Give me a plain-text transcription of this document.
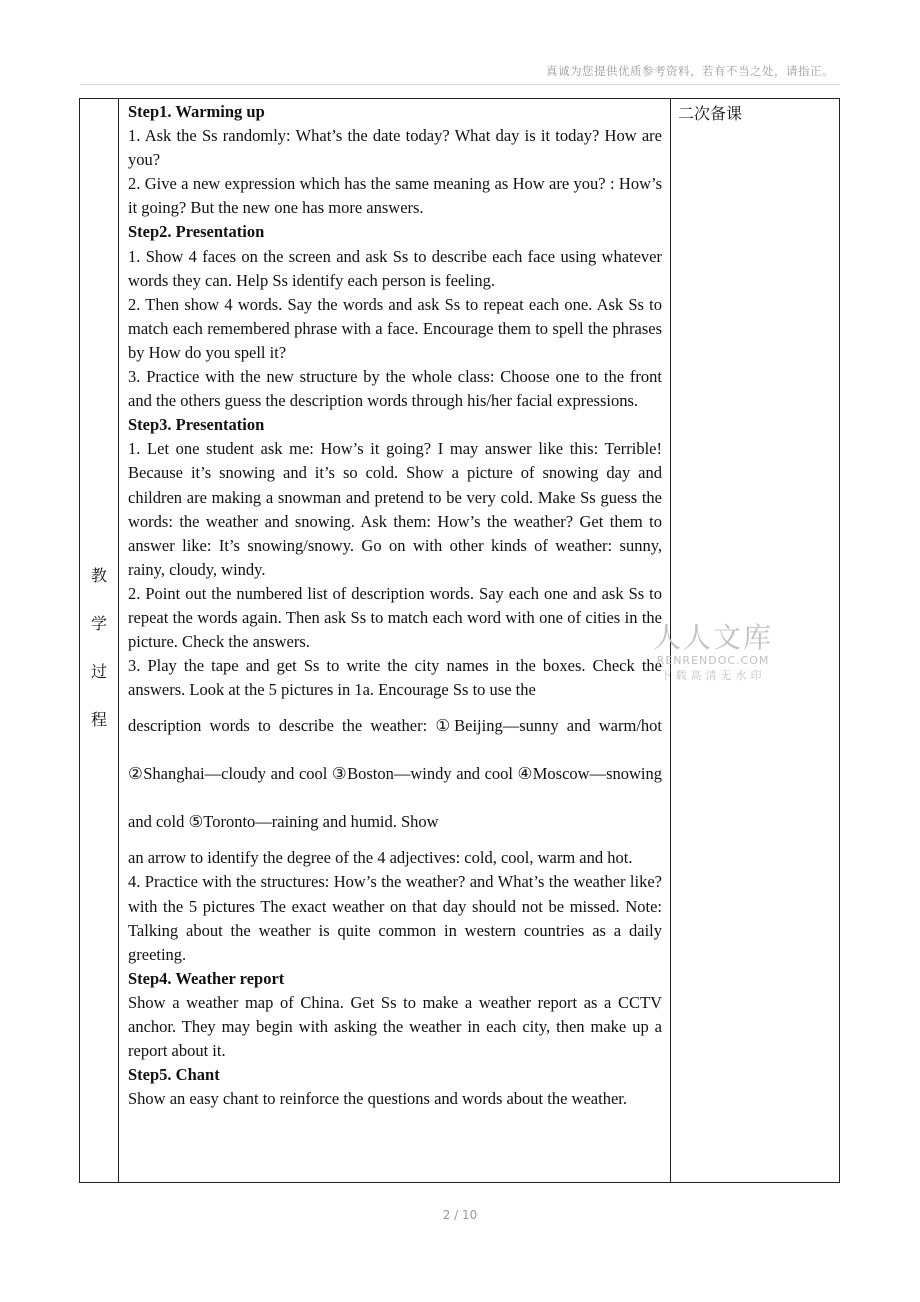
真诚为您提供优质参考资料，若有不当之处，请指正。
教
学
过
程
二次备课

Step1. Warming up

1. Ask the Ss randomly: What’s the date today? What day is it today? How are you?

2. Give a new expression which has the same meaning as How are you? : How’s it going? But the new one has more answers.

Step2. Presentation

1. Show 4 faces on the screen and ask Ss to describe each face using whatever words they can. Help Ss identify each person is feeling.

2. Then show 4 words. Say the words and ask Ss to repeat each one. Ask Ss to match each remembered phrase with a face. Encourage them to spell the phrases by How do you spell it?

3. Practice with the new structure by the whole class: Choose one to the front and the others guess the description words through his/her facial expressions.

Step3. Presentation

1. Let one student ask me: How’s it going? I may answer like this: Terrible! Because it’s snowing and it’s so cold. Show a picture of snowing day and children are making a snowman and pretend to be very cold. Make Ss guess the words: the weather and snowing. Ask them: How’s the weather? Get them to answer like: It’s snowing/snowy. Go on with other kinds of weather: sunny, rainy, cloudy, windy.

2. Point out the numbered list of description words. Say each one and ask Ss to repeat the words again. Then ask Ss to match each word with one of cities in the picture. Check the answers.

3. Play the tape and get Ss to write the city names in the boxes. Check the answers. Look at the 5 pictures in 1a. Encourage Ss to use the

description words to describe the weather: ①Beijing—sunny and warm/hot ②Shanghai—cloudy and cool ③Boston—windy and cool ④Moscow—snowing and cold ⑤Toronto—raining and humid. Show

an arrow to identify the degree of the 4 adjectives: cold, cool, warm and hot.

4. Practice with the structures: How’s the weather? and What’s the weather like? with the 5 pictures The exact weather on that day should not be missed. Note: Talking about the weather is quite common in western countries as a daily greeting.

Step4. Weather report

Show a weather map of China. Get Ss to make a weather report as a CCTV anchor. They may begin with asking the weather in each city, then make up a report about it.

Step5. Chant

Show an easy chant to reinforce the questions and words about the weather.

人人文库
RENRENDOC.COM
下载高清无水印
2 / 10
